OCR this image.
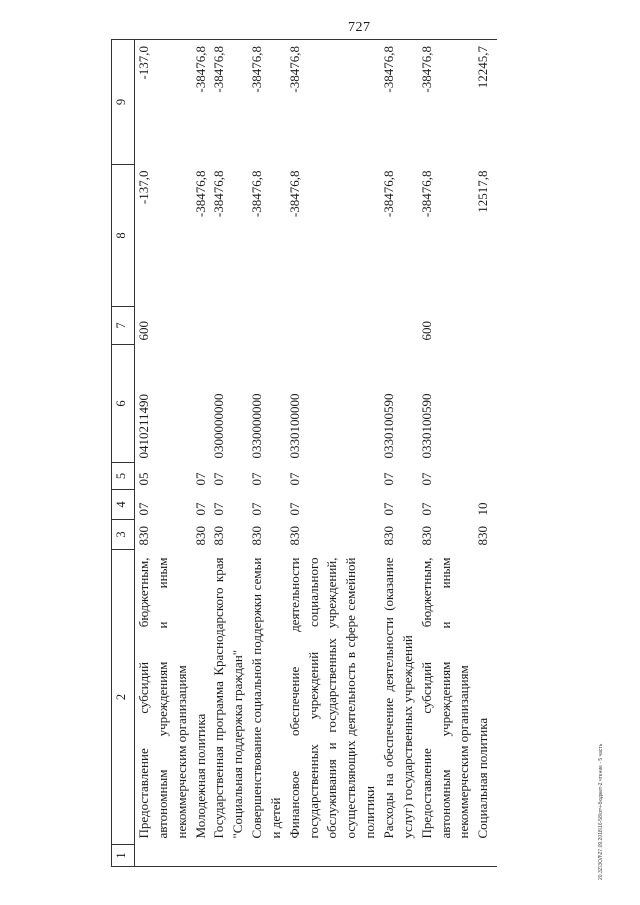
727
20.3Z\ЗОЛ\27.09.2018\16-58\отч-бюджет-2 чтение - 5 часть
1	2	3	4	5	6	7	8	9
	Предоставление субсидий бюджетным, автономным учреждениям и иным некоммерческим организациям	830	07	05	0410211490	600	-137,0	-137,0
	Молодежная политика	830	07	07			-38476,8	-38476,8
	Государственная программа Краснодарского края "Социальная поддержка граждан"	830	07	07	0300000000		-38476,8	-38476,8
	Совершенствование социальной поддержки семьи и детей	830	07	07	0330000000		-38476,8	-38476,8
	Финансовое обеспечение деятельности государственных учреждений социального обслуживания и государственных учреждений, осуществляющих деятельность в сфере семейной политики	830	07	07	0330100000		-38476,8	-38476,8
	Расходы на обеспечение деятельности (оказание услуг) государственных учреждений	830	07	07	0330100590		-38476,8	-38476,8
	Предоставление субсидий бюджетным, автономным учреждениям и иным некоммерческим организациям	830	07	07	0330100590	600	-38476,8	-38476,8
	Социальная политика	830	10				12517,8	12245,7
